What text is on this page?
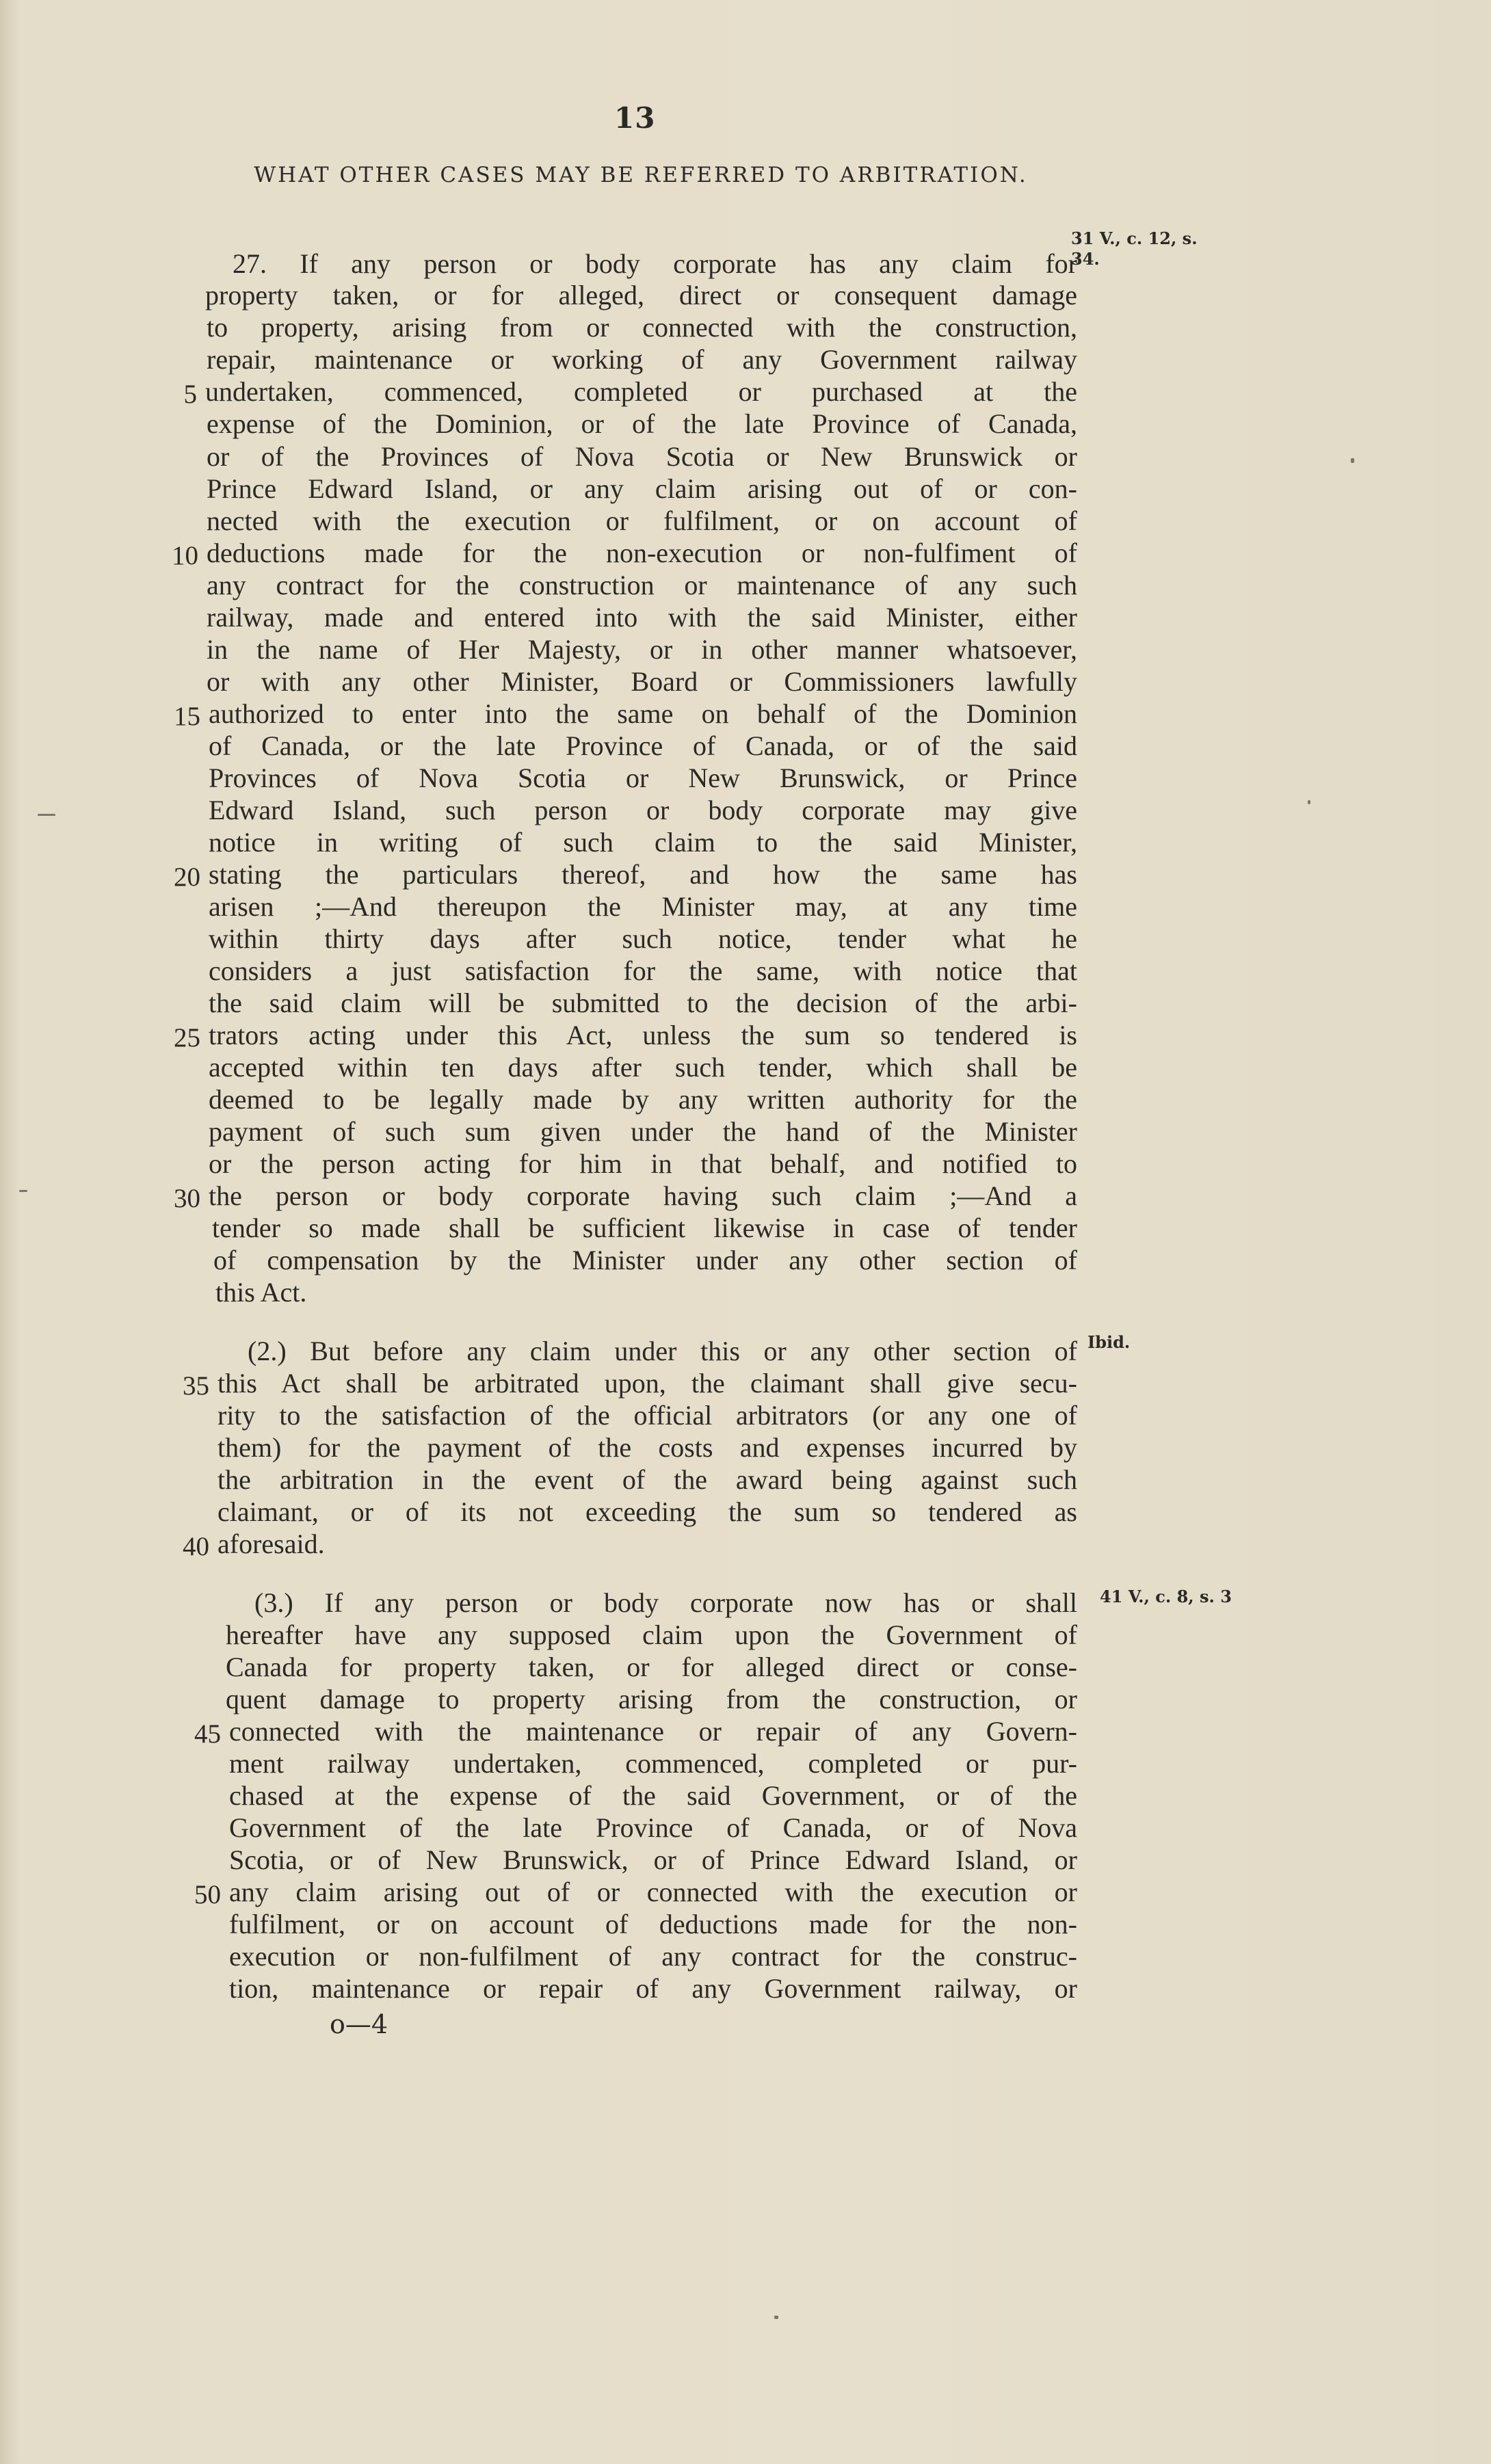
13
WHAT OTHER CASES MAY BE REFERRED TO ARBITRATION.
27. If any person or body corporate has any claim for
property taken, or for alleged, direct or consequent damage
to property, arising from or connected with the construction,
repair, maintenance or working of any Government railway
5 undertaken, commenced, completed or purchased at the
expense of the Dominion, or of the late Province of Canada,
or of the Provinces of Nova Scotia or New Brunswick or
Prince Edward Island, or any claim arising out of or con-
nected with the execution or fulfilment, or on account of
10 deductions made for the non-execution or non-fulfiment of
any contract for the construction or maintenance of any such
railway, made and entered into with the said Minister, either
in the name of Her Majesty, or in other manner whatsoever,
or with any other Minister, Board or Commissioners lawfully
15 authorized to enter into the same on behalf of the Dominion
of Canada, or the late Province of Canada, or of the said
Provinces of Nova Scotia or New Brunswick, or Prince
Edward Island, such person or body corporate may give
notice in writing of such claim to the said Minister,
20 stating the particulars thereof, and how the same has
arisen ;—And thereupon the Minister may, at any time
within thirty days after such notice, tender what he
considers a just satisfaction for the same, with notice that
the said claim will be submitted to the decision of the arbi-
25 trators acting under this Act, unless the sum so tendered is
accepted within ten days after such tender, which shall be
deemed to be legally made by any written authority for the
payment of such sum given under the hand of the Minister
or the person acting for him in that behalf, and notified to
30 the person or body corporate having such claim ;—And a
tender so made shall be sufficient likewise in case of tender
of compensation by the Minister under any other section of
this Act.
(2.) But before any claim under this or any other section of
35 this Act shall be arbitrated upon, the claimant shall give secu-
rity to the satisfaction of the official arbitrators (or any one of
them) for the payment of the costs and expenses incurred by
the arbitration in the event of the award being against such
claimant, or of its not exceeding the sum so tendered as
40 aforesaid.
(3.) If any person or body corporate now has or shall
hereafter have any supposed claim upon the Government of
Canada for property taken, or for alleged direct or conse-
quent damage to property arising from the construction, or
45 connected with the maintenance or repair of any Govern-
ment railway undertaken, commenced, completed or pur-
chased at the expense of the said Government, or of the
Government of the late Province of Canada, or of Nova
Scotia, or of New Brunswick, or of Prince Edward Island, or
50 any claim arising out of or connected with the execution or
fulfilment, or on account of deductions made for the non-
execution or non-fulfilment of any contract for the construc-
tion, maintenance or repair of any Government railway, or
31 V., c. 12, s. 34.
Ibid.
41 V., c. 8, s. 3
o—4
